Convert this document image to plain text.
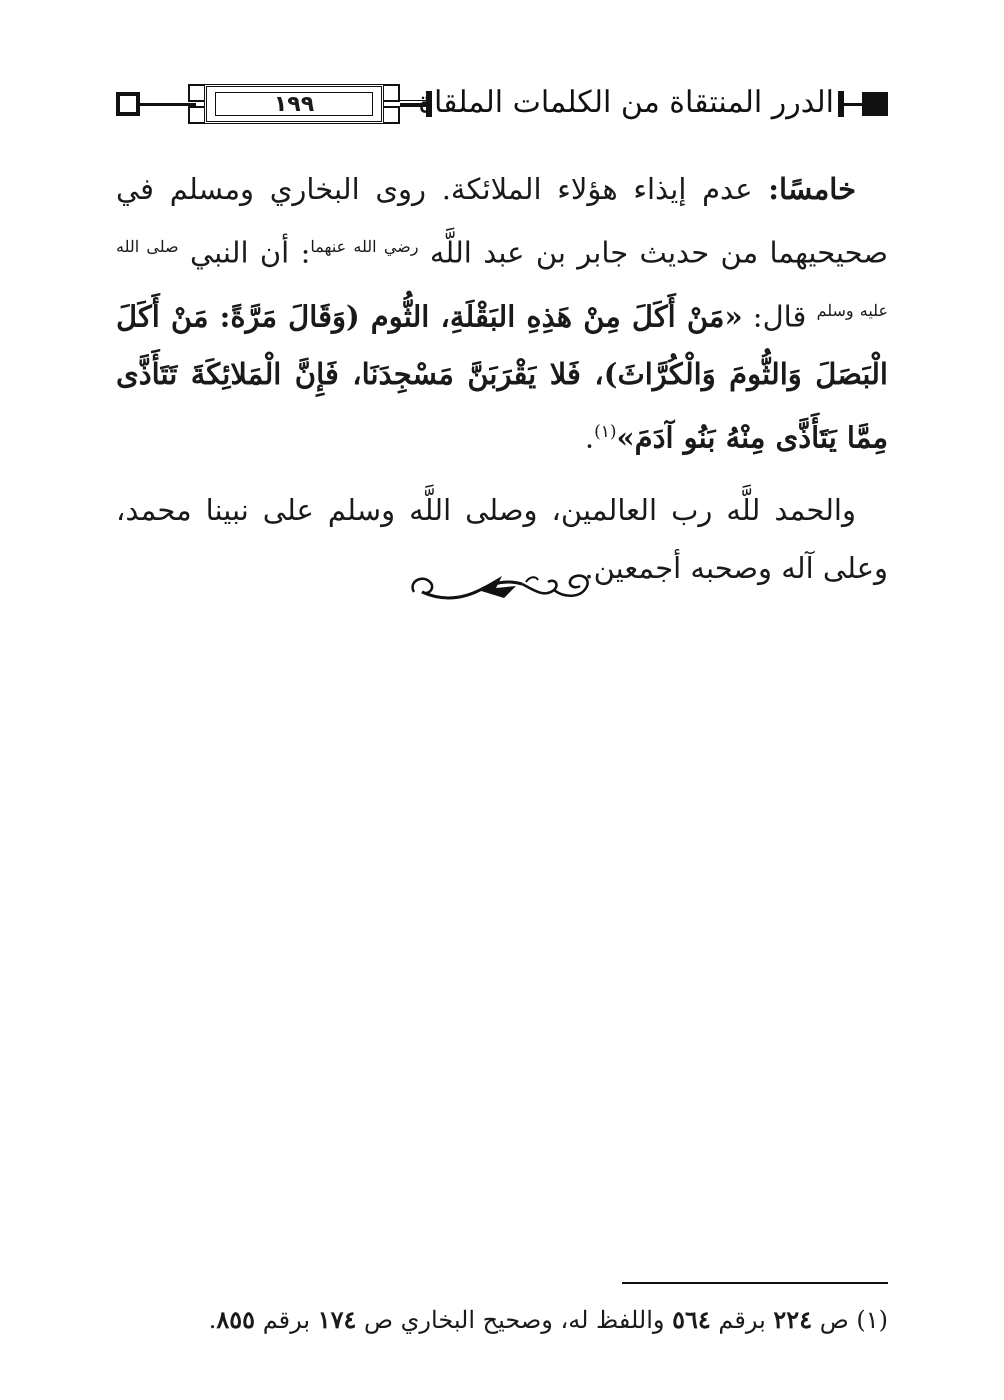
١٩٩	الدرر المنتقاة من الكلمات الملقاة

خامسًا: عدم إيذاء هؤلاء الملائكة. روى البخاري ومسلم في صحيحيهما من حديث جابر بن عبد اللَّه $^{رضي الله عنهما}$: أن النبي $^{صلى الله عليه وسلم}$ قال: «مَنْ أَكَلَ مِنْ هَذِهِ البَقْلَةِ، الثُّوم (وَقَالَ مَرَّةً: مَنْ أَكَلَ الْبَصَلَ وَالثُّومَ وَالْكُرَّاثَ)، فَلا يَقْرَبَنَّ مَسْجِدَنَا، فَإِنَّ الْمَلائِكَةَ تَتَأَذَّى مِمَّا يَتَأَذَّى مِنْهُ بَنُو آدَمَ»$^{(١)}$.

والحمد للَّه رب العالمين، وصلى اللَّه وسلم على نبينا محمد، وعلى آله وصحبه أجمعين.

(١) ص ٢٢٤ برقم ٥٦٤ واللفظ له، وصحيح البخاري ص ١٧٤ برقم ٨٥٥.
